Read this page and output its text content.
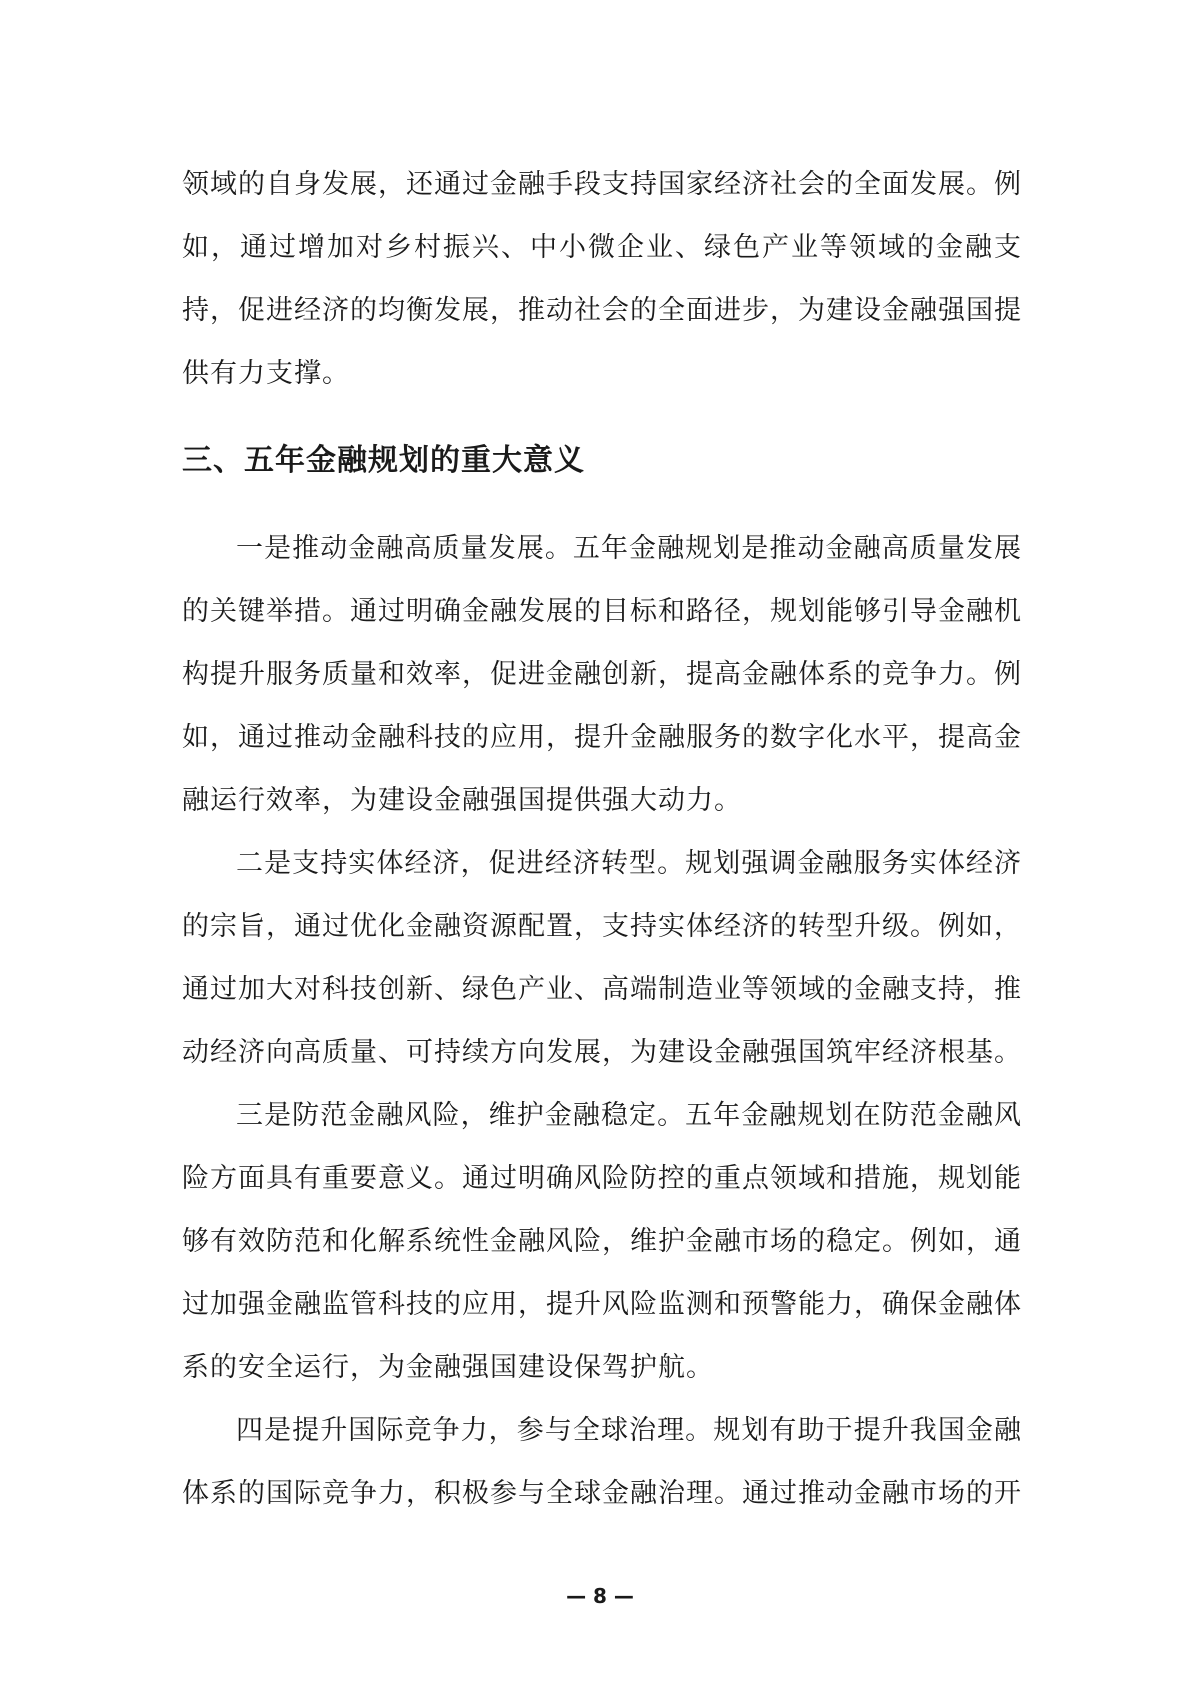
领域的自身发展，还通过金融手段支持国家经济社会的全面发展。例如，通过增加对乡村振兴、中小微企业、绿色产业等领域的金融支持，促进经济的均衡发展，推动社会的全面进步，为建设金融强国提供有力支撑。

三、五年金融规划的重大意义

一是推动金融高质量发展。五年金融规划是推动金融高质量发展的关键举措。通过明确金融发展的目标和路径，规划能够引导金融机构提升服务质量和效率，促进金融创新，提高金融体系的竞争力。例如，通过推动金融科技的应用，提升金融服务的数字化水平，提高金融运行效率，为建设金融强国提供强大动力。

二是支持实体经济，促进经济转型。规划强调金融服务实体经济的宗旨，通过优化金融资源配置，支持实体经济的转型升级。例如，通过加大对科技创新、绿色产业、高端制造业等领域的金融支持，推动经济向高质量、可持续方向发展，为建设金融强国筑牢经济根基。

三是防范金融风险，维护金融稳定。五年金融规划在防范金融风险方面具有重要意义。通过明确风险防控的重点领域和措施，规划能够有效防范和化解系统性金融风险，维护金融市场的稳定。例如，通过加强金融监管科技的应用，提升风险监测和预警能力，确保金融体系的安全运行，为金融强国建设保驾护航。

四是提升国际竞争力，参与全球治理。规划有助于提升我国金融体系的国际竞争力，积极参与全球金融治理。通过推动金融市场的开

— 8 —
